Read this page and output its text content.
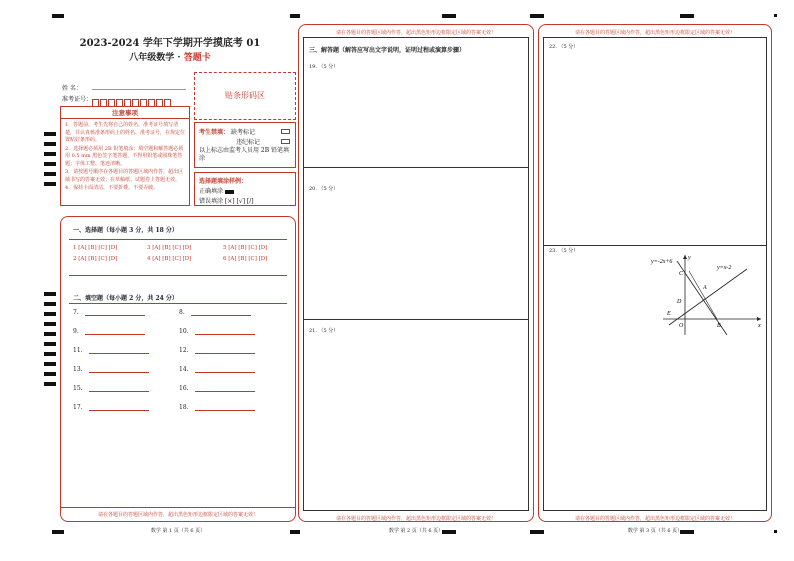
2023-2024 学年下学期开学摸底考 01
八年级数学 · 答题卡
姓 名：
准考证号：	贴条形码区
注意事项
1．答题前，考生先将自己的姓名，准考证号填写清楚，并认真核准条形码上的姓名、准考证号，在规定位置贴好条形码。
2．选择题必须用 2B 铅笔填涂；填空题和解答题必须用 0.5 mm 黑色签字笔答题，不得用铅笔或圆珠笔答题；字体工整、笔迹清晰。
3．请按题号顺序在各题目的答题区域内作答，超出区域书写的答案无效；在草稿纸、试题卷上答题无效。
4．保持卡面清洁，不要折叠、不要弄破。
考生禁填： 缺考标记
违纪标记
以上标志由监考人员用 2B 铅笔填涂
选择题填涂样例：
正确填涂
错误填涂 [×] [√] [/]
一、选择题（每小题 3 分，共 18 分）
1 [A] [B] [C] [D]	3 [A] [B] [C] [D]	5 [A] [B] [C] [D]
2 [A] [B] [C] [D]	4 [A] [B] [C] [D]	6 [A] [B] [C] [D]
二、填空题（每小题 2 分，共 24 分）
7.	8.
9.	10.
11.	12.
13.	14.
15.	16.
17.	18.
请在各题目的答题区域内作答，超出黑色矩形边框限定区域的答案无效！
数学 第 1 页（共 6 页）
请在各题目的答题区域内作答，超出黑色矩形边框限定区域的答案无效！
三、解答题（解答应写出文字说明，证明过程或演算步骤）
19. （5 分）
20. （5 分）
21. （5 分）
请在各题目的答题区域内作答，超出黑色矩形边框限定区域的答案无效！
数学 第 2 页（共 6 页）
请在各题目的答题区域内作答，超出黑色矩形边框限定区域的答案无效！
22. （5 分）
23. （5 分）
y=-2x+6
y=x-2
y
x
C
A
D
E
O	B
请在各题目的答题区域内作答，超出黑色矩形边框限定区域的答案无效！
数学 第 3 页（共 6 页）
